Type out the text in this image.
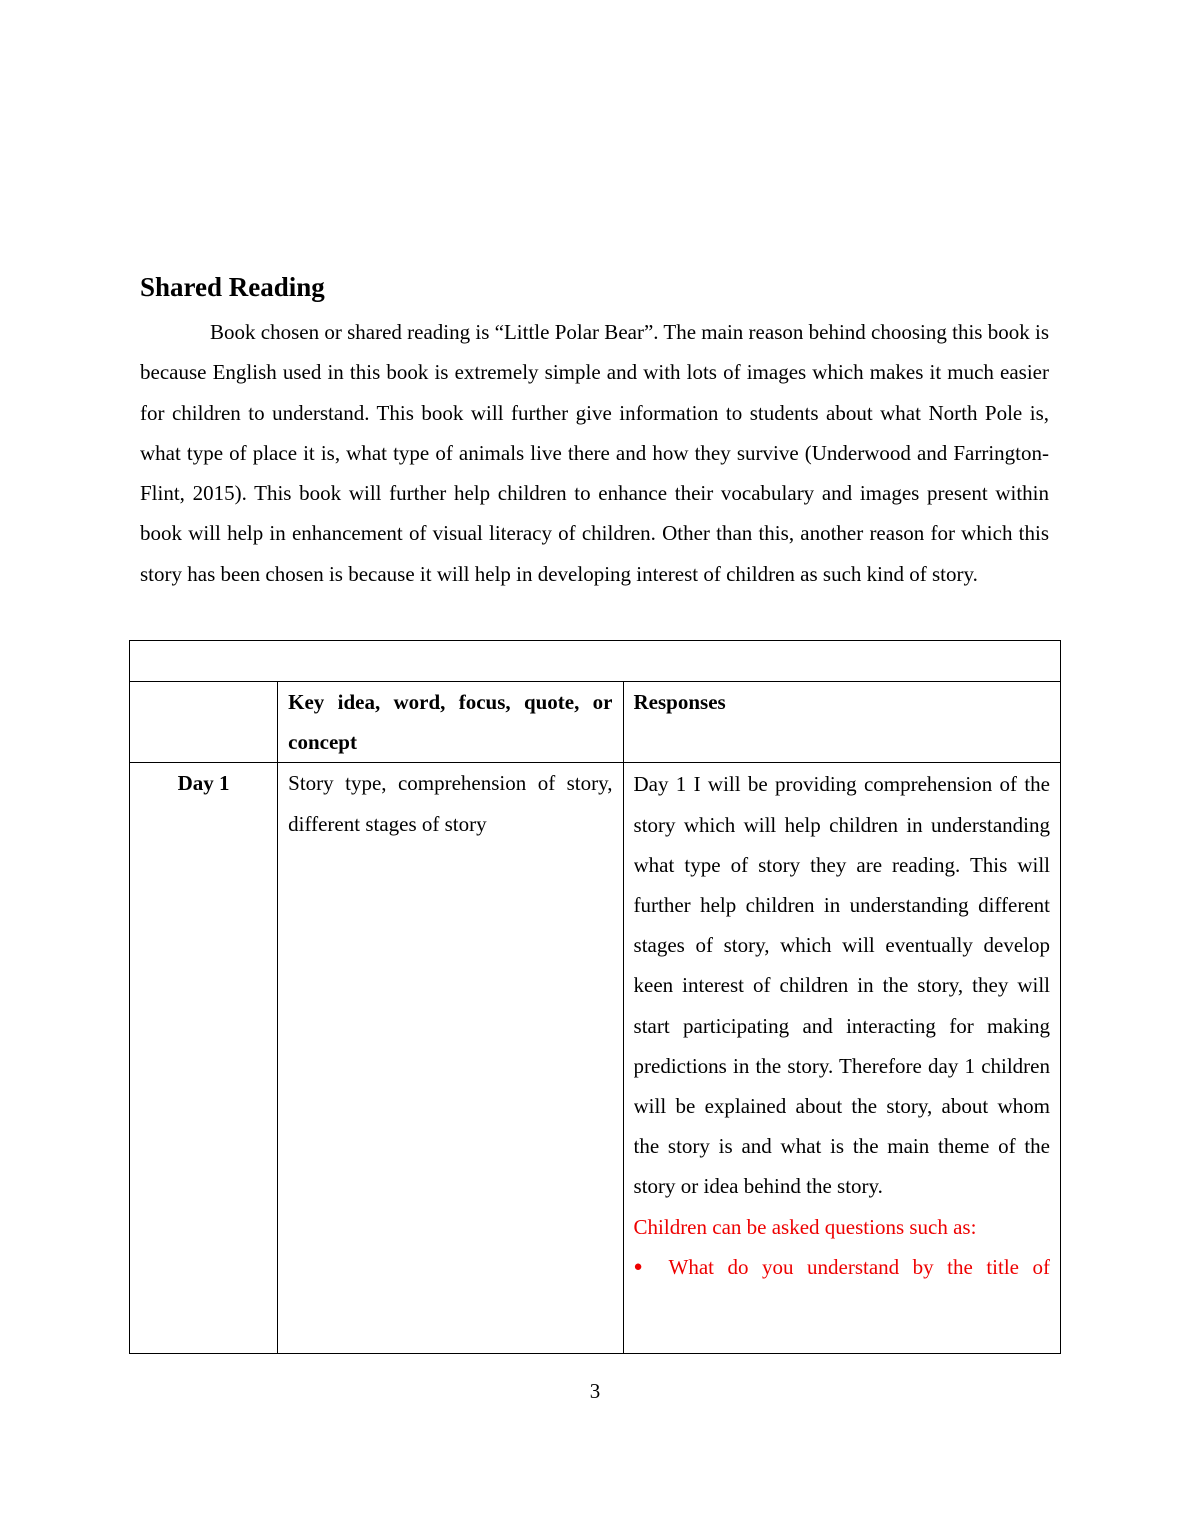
Shared Reading

Book chosen or shared reading is “Little Polar Bear”. The main reason behind choosing this book is because English used in this book is extremely simple and with lots of images which makes it much easier for children to understand. This book will further give information to students about what North Pole is, what type of place it is, what type of animals live there and how they survive (Underwood and Farrington-Flint, 2015). This book will further help children to enhance their vocabulary and images present within book will help in enhancement of visual literacy of children. Other than this, another reason for which this story has been chosen is because it will help in developing interest of children as such kind of story.

	Key idea, word, focus, quote, or concept	Responses
Day 1	Story type, comprehension of story, different stages of story	Day 1 I will be providing comprehension of the story which will help children in understanding what type of story they are reading. This will further help children in understanding different stages of story, which will eventually develop keen interest of children in the story, they will start participating and interacting for making predictions in the story. Therefore day 1 children will be explained about the story, about whom the story is and what is the main theme of the story or idea behind the story.
Children can be asked questions such as:
● What do you understand by the title of
3
